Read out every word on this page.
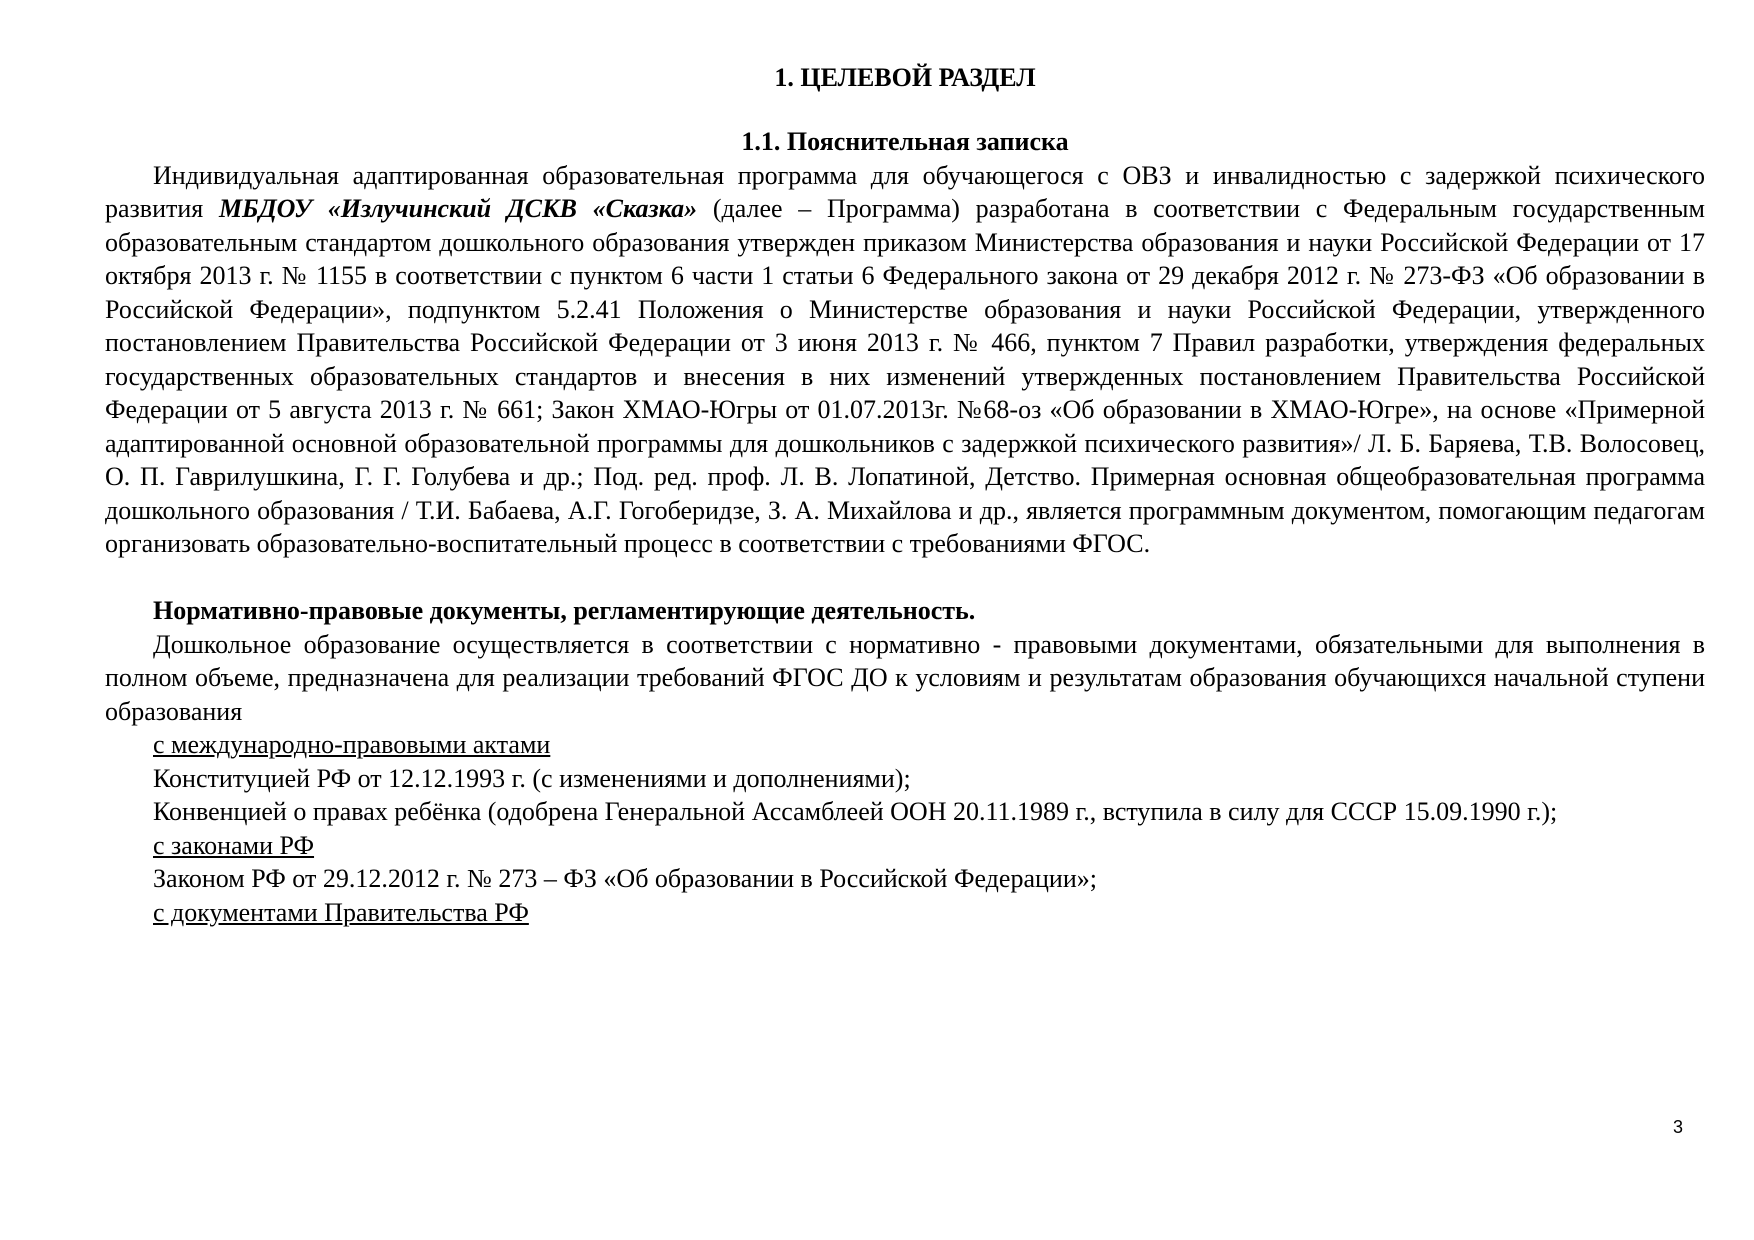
1. ЦЕЛЕВОЙ РАЗДЕЛ
1.1. Пояснительная записка

Индивидуальная адаптированная образовательная программа для обучающегося с ОВЗ и инвалидностью с задержкой психического развития МБДОУ «Излучинский ДСКВ «Сказка» (далее – Программа) разработана в соответствии с Федеральным государственным образовательным стандартом дошкольного образования утвержден приказом Министерства образования и науки Российской Федерации от 17 октября 2013 г. № 1155 в соответствии с пунктом 6 части 1 статьи 6 Федерального закона от 29 декабря 2012 г. № 273-ФЗ «Об образовании в Российской Федерации», подпунктом 5.2.41 Положения о Министерстве образования и науки Российской Федерации, утвержденного постановлением Правительства Российской Федерации от 3 июня 2013 г. № 466, пунктом 7 Правил разработки, утверждения федеральных государственных образовательных стандартов и внесения в них изменений утвержденных постановлением Правительства Российской Федерации от 5 августа 2013 г. № 661; Закон ХМАО-Югры от 01.07.2013г. №68-оз «Об образовании в ХМАО-Югре», на основе «Примерной адаптированной основной образовательной программы для дошкольников с задержкой психического развития»/ Л. Б. Баряева, Т.В. Волосовец, О. П. Гаврилушкина, Г. Г. Голубева и др.; Под. ред. проф. Л. В. Лопатиной, Детство. Примерная основная общеобразовательная программа дошкольного образования / Т.И. Бабаева, А.Г. Гогоберидзе, З. А. Михайлова и др., является программным документом, помогающим педагогам организовать образовательно-воспитательный процесс в соответствии с требованиями ФГОС.

Нормативно-правовые документы, регламентирующие деятельность.

Дошкольное образование осуществляется в соответствии с нормативно - правовыми документами, обязательными для выполнения в полном объеме, предназначена для реализации требований ФГОС ДО к условиям и результатам образования обучающихся начальной ступени образования

с международно-правовыми актами

Конституцией РФ от 12.12.1993 г. (с изменениями и дополнениями);

Конвенцией о правах ребёнка (одобрена Генеральной Ассамблеей ООН 20.11.1989 г., вступила в силу для СССР 15.09.1990 г.);

с законами РФ

Законом РФ от 29.12.2012 г. № 273 – ФЗ «Об образовании в Российской Федерации»;

с документами Правительства РФ

3
